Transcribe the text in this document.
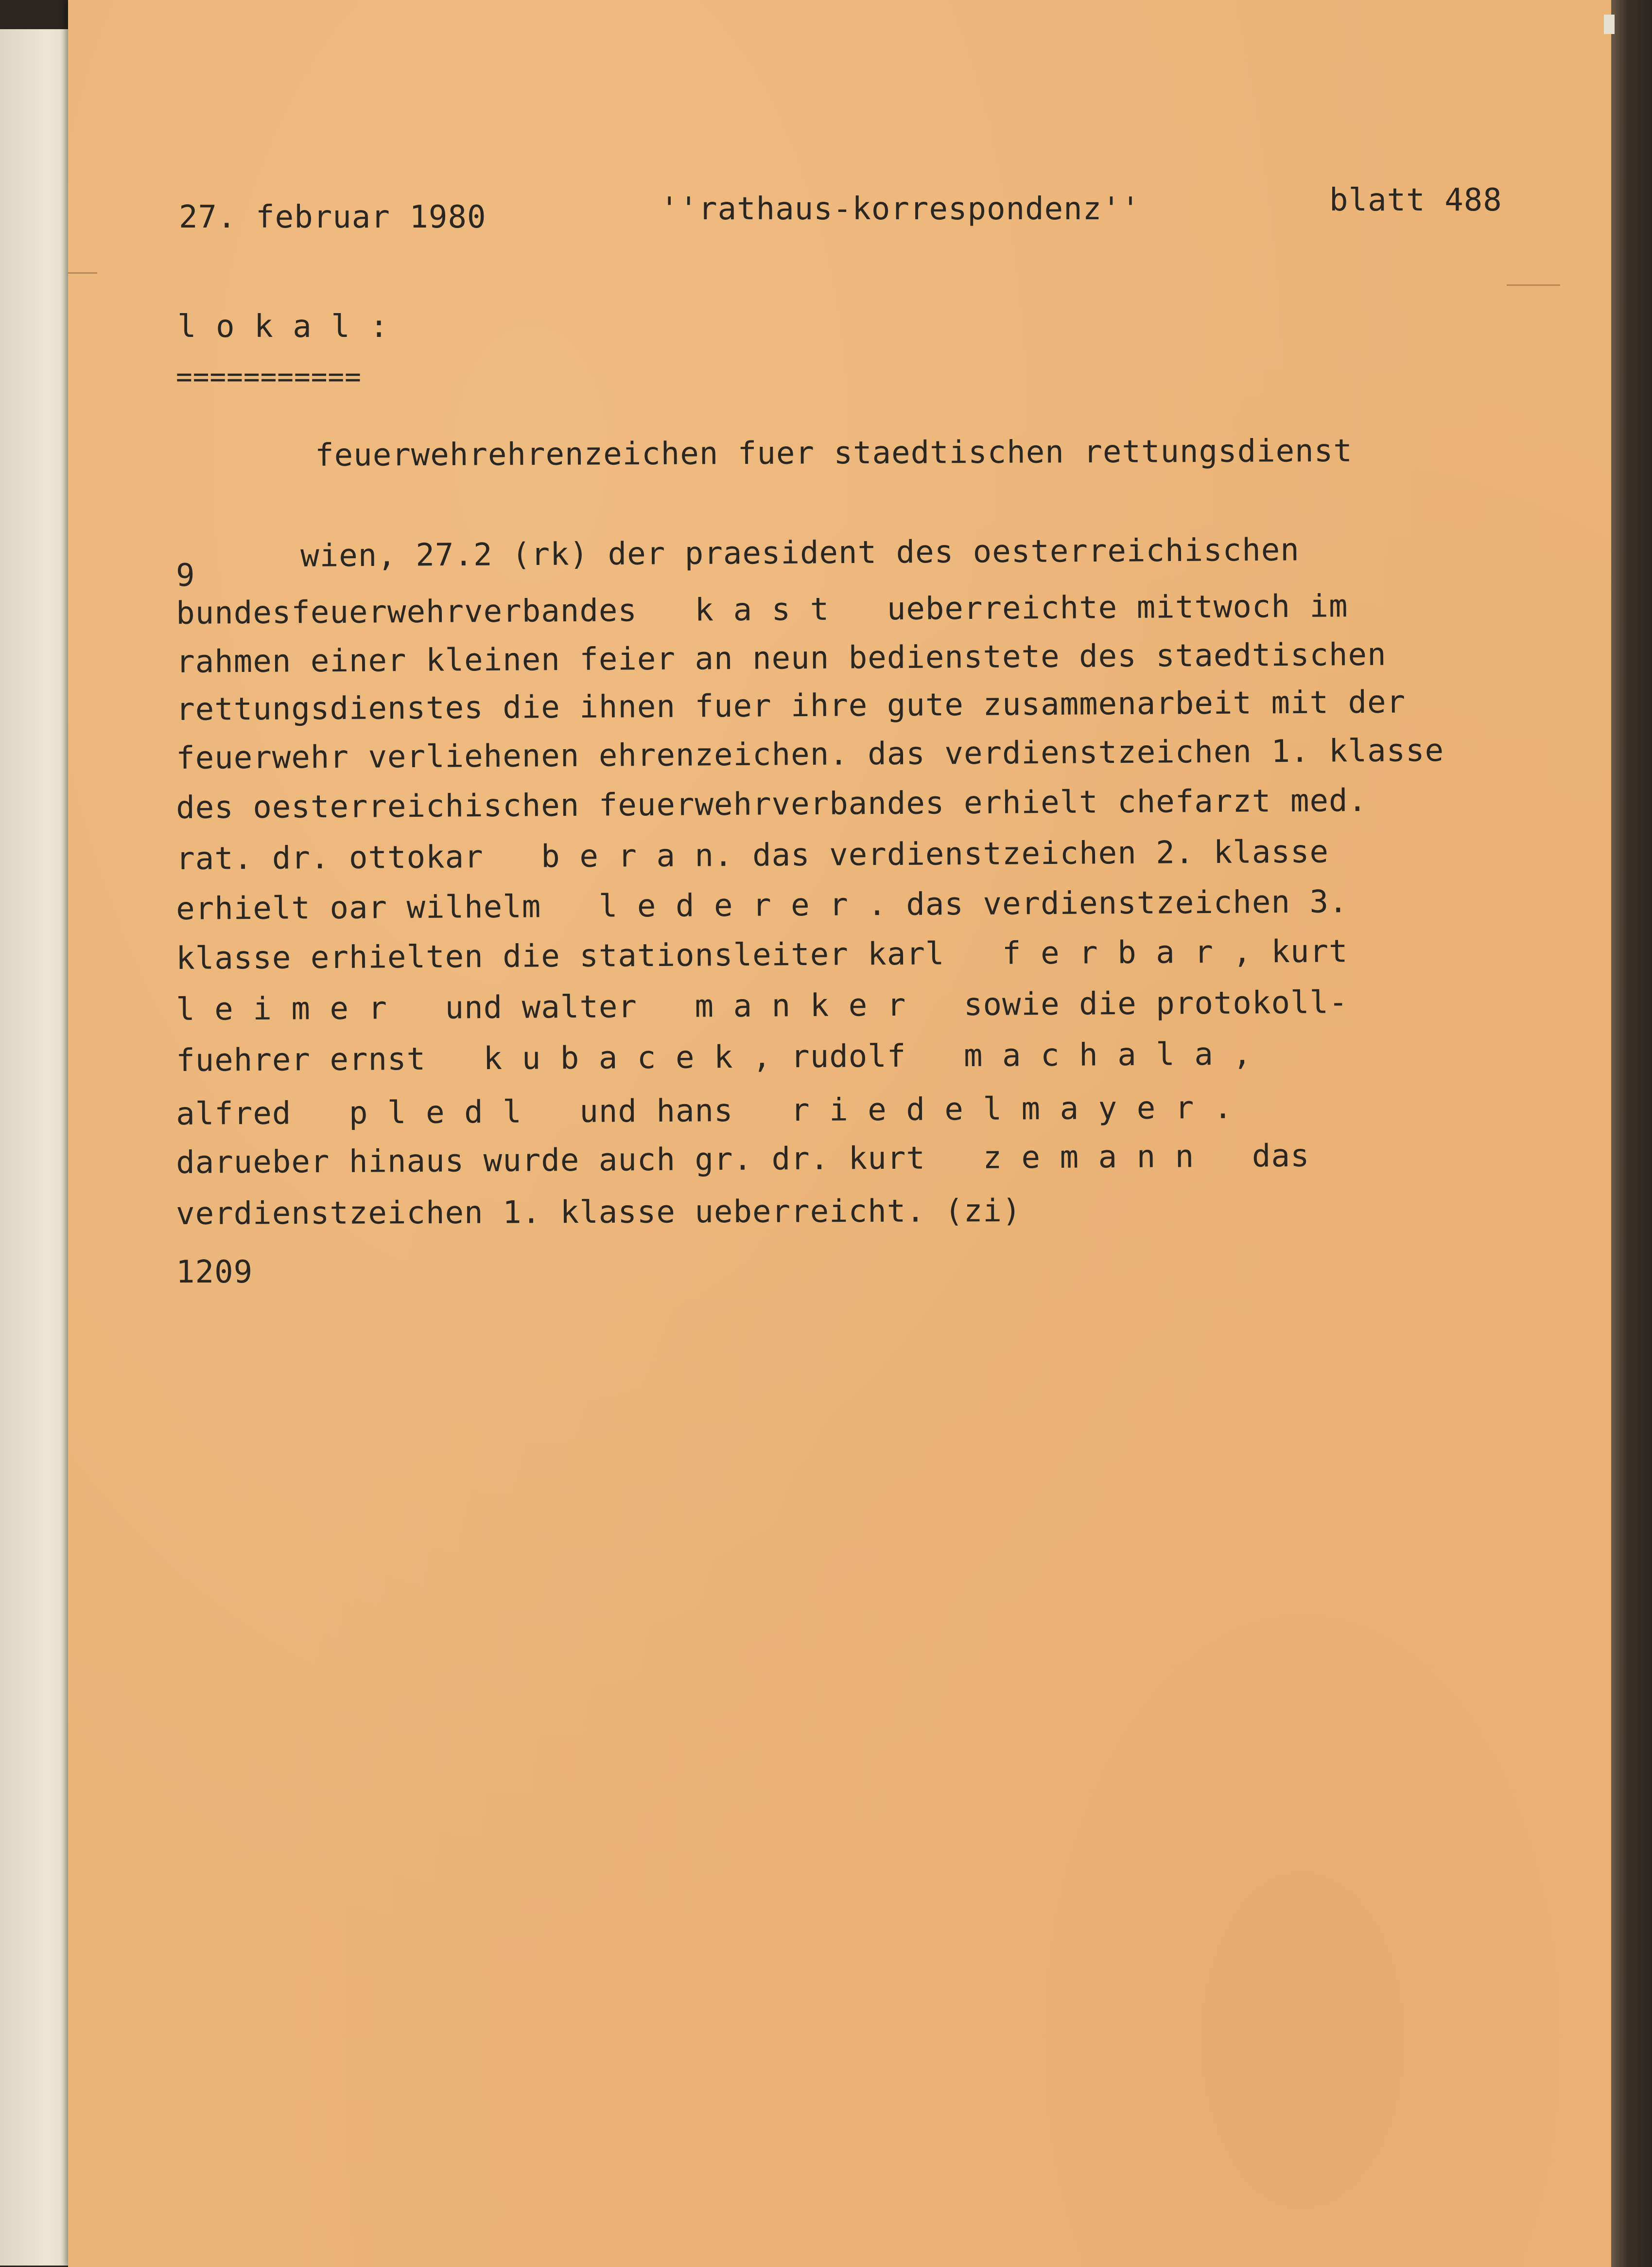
27. februar 1980	''rathaus-korrespondenz''	blatt 488
l o k a l :
===========
feuerwehrehrenzeichen fuer staedtischen rettungsdienst
9
wien, 27.2 (rk) der praesident des oesterreichischen
bundesfeuerwehrverbandes   k a s t   ueberreichte mittwoch im
rahmen einer kleinen feier an neun bedienstete des staedtischen
rettungsdienstes die ihnen fuer ihre gute zusammenarbeit mit der
feuerwehr verliehenen ehrenzeichen. das verdienstzeichen 1. klasse
des oesterreichischen feuerwehrverbandes erhielt chefarzt med.
rat. dr. ottokar   b e r a n. das verdienstzeichen 2. klasse
erhielt oar wilhelm   l e d e r e r . das verdienstzeichen 3.
klasse erhielten die stationsleiter karl   f e r b a r , kurt
l e i m e r   und walter   m a n k e r   sowie die protokoll-
fuehrer ernst   k u b a c e k , rudolf   m a c h a l a ,
alfred   p l e d l   und hans   r i e d e l m a y e r .
darueber hinaus wurde auch gr. dr. kurt   z e m a n n   das
verdienstzeichen 1. klasse ueberreicht. (zi)
1209
